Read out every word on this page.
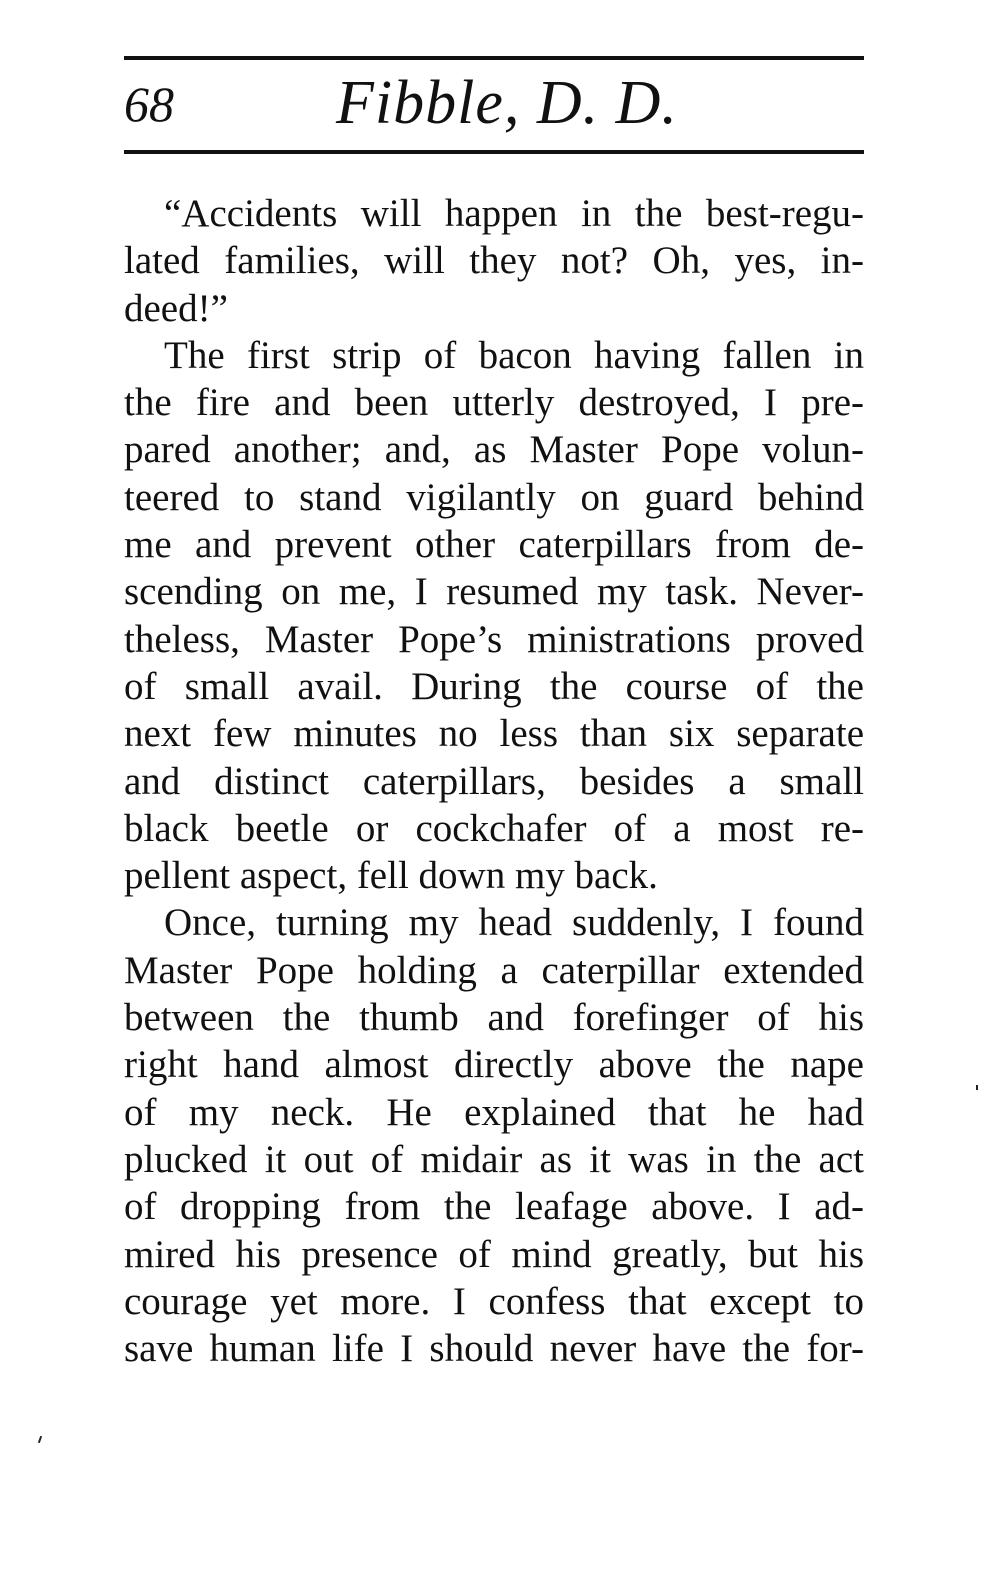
68	Fibble, D. D.
“Accidents will happen in the best-regu-
lated families, will they not? Oh, yes, in-
deed!”
The first strip of bacon having fallen in
the fire and been utterly destroyed, I pre-
pared another; and, as Master Pope volun-
teered to stand vigilantly on guard behind
me and prevent other caterpillars from de-
scending on me, I resumed my task. Never-
theless, Master Pope’s ministrations proved
of small avail. During the course of the
next few minutes no less than six separate
and distinct caterpillars, besides a small
black beetle or cockchafer of a most re-
pellent aspect, fell down my back.
Once, turning my head suddenly, I found
Master Pope holding a caterpillar extended
between the thumb and forefinger of his
right hand almost directly above the nape
of my neck. He explained that he had
plucked it out of midair as it was in the act
of dropping from the leafage above. I ad-
mired his presence of mind greatly, but his
courage yet more. I confess that except to
save human life I should never have the for-
